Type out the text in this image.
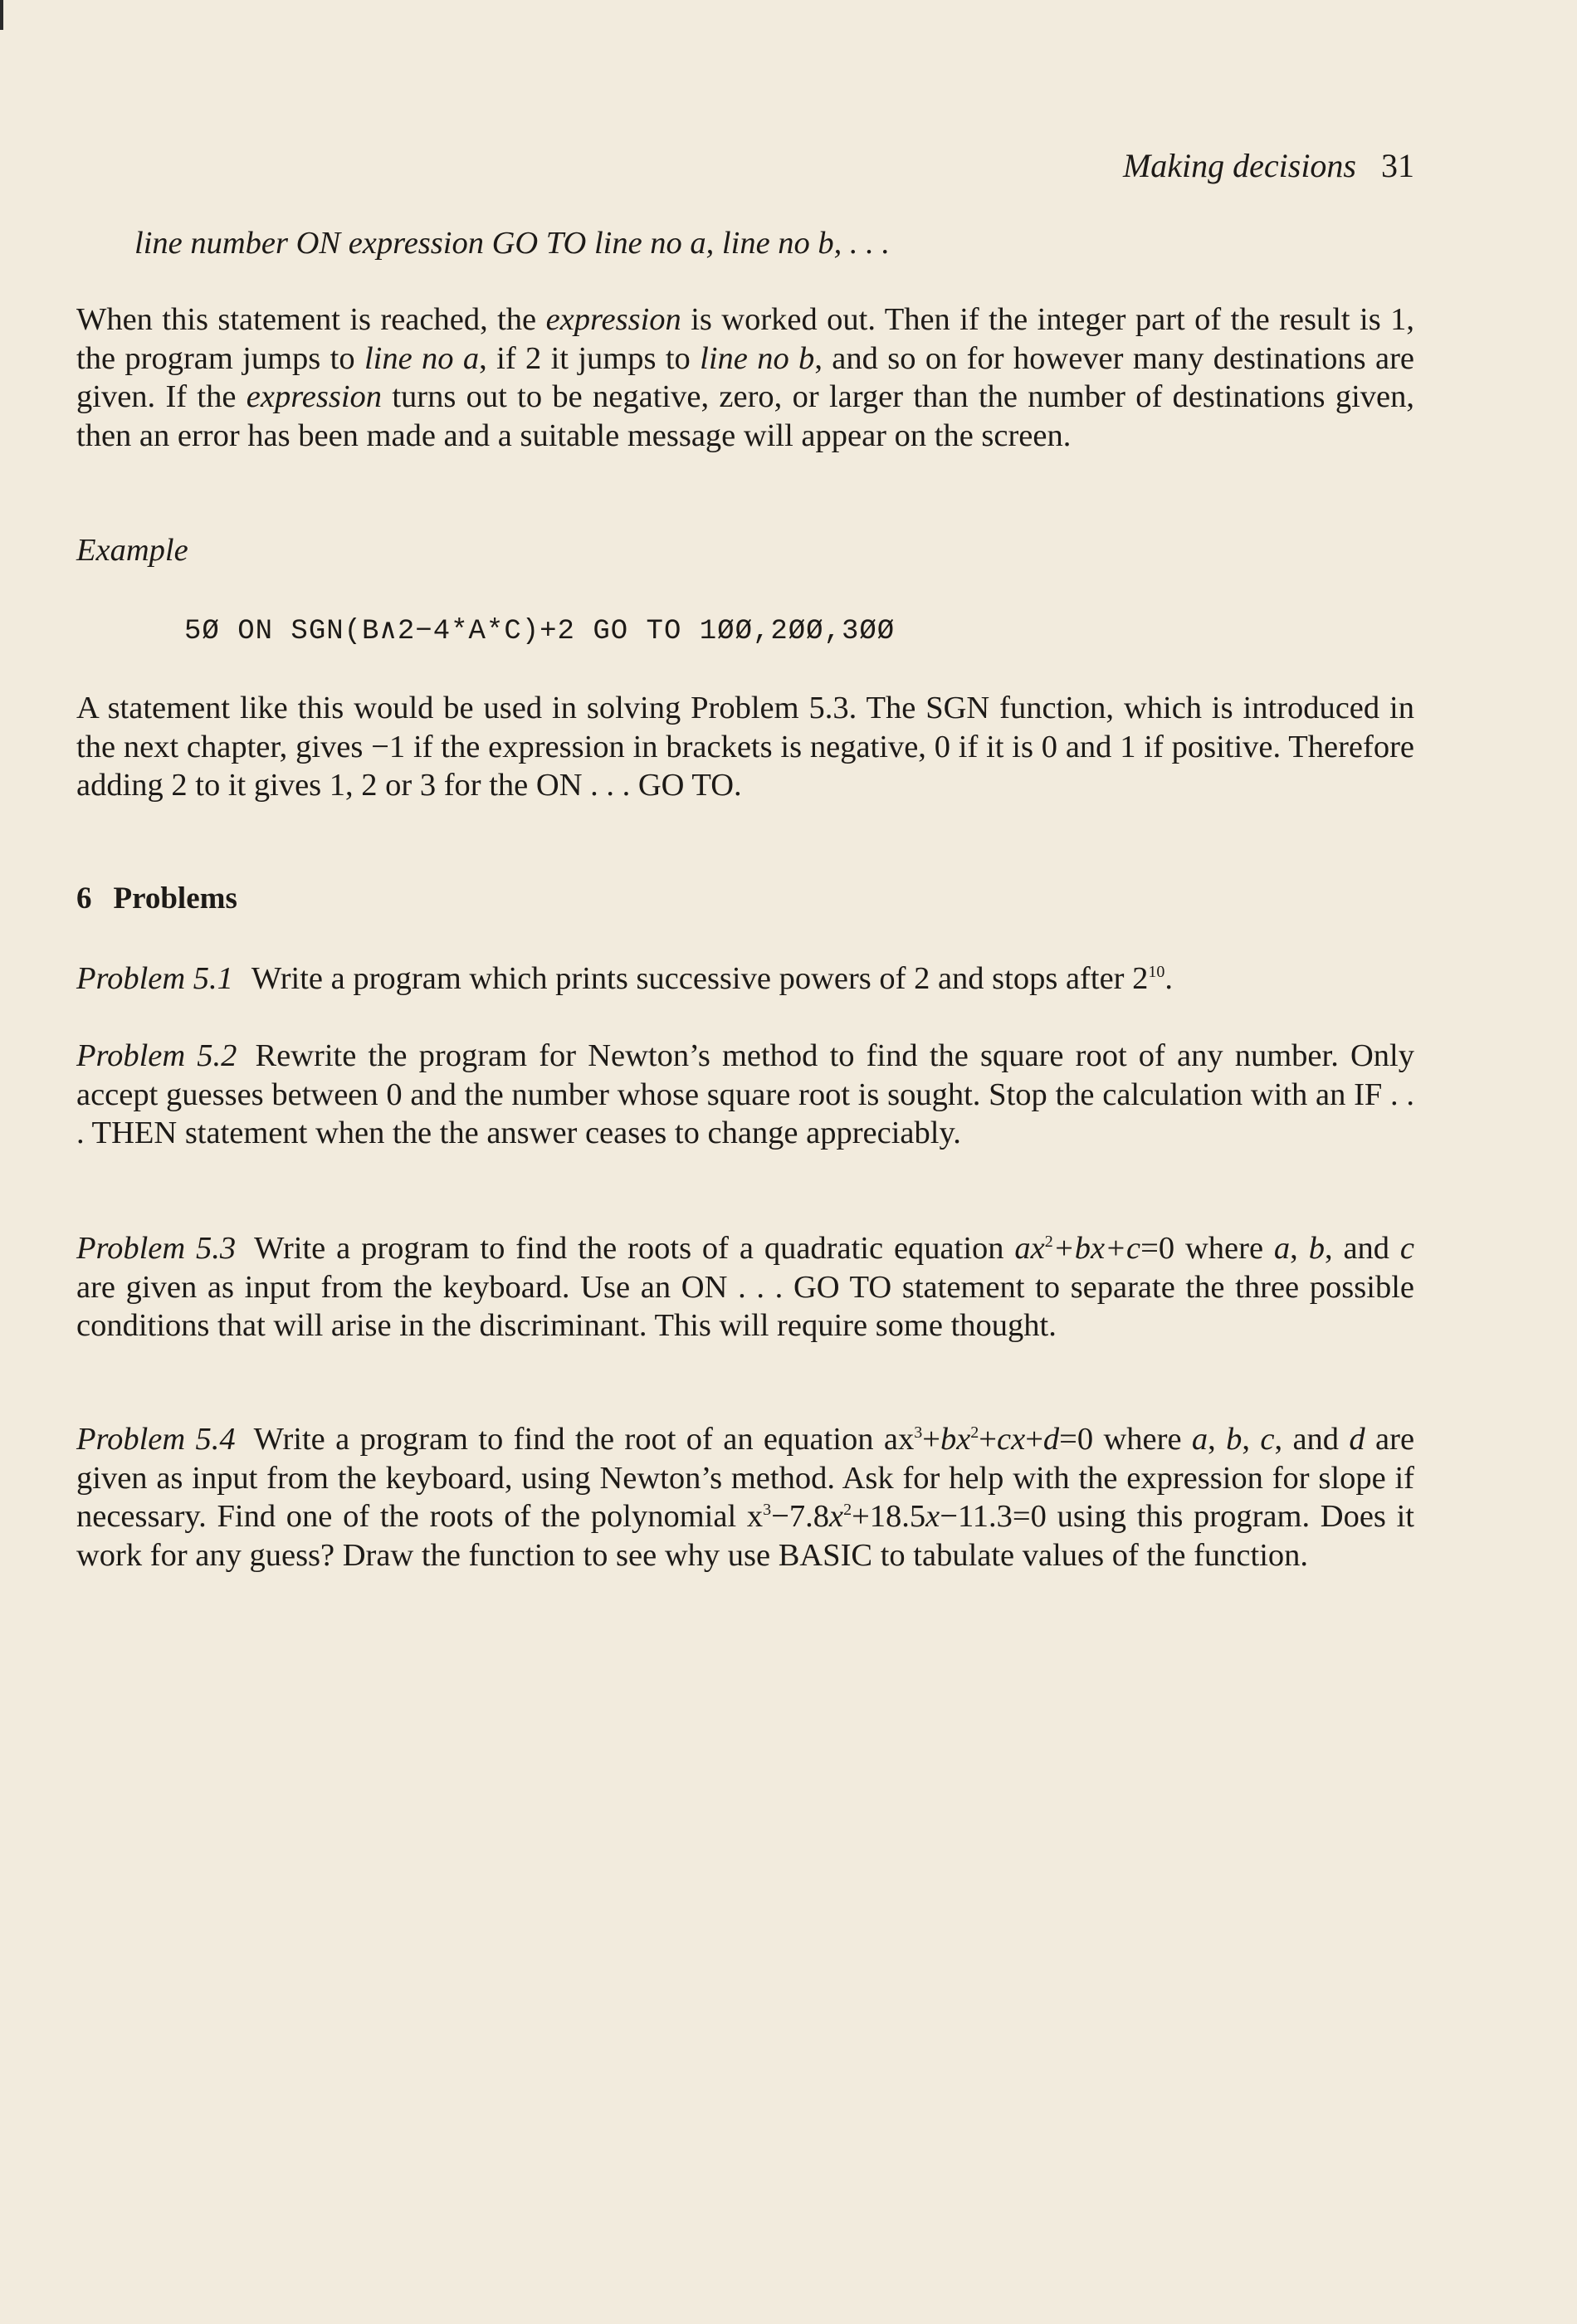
Making decisions 31
line number ON expression GO TO line no a, line no b, . . .
When this statement is reached, the expression is worked out. Then if the integer part of the result is 1, the program jumps to line no a, if 2 it jumps to line no b, and so on for however many destinations are given. If the expression turns out to be negative, zero, or larger than the number of destinations given, then an error has been made and a suitable message will appear on the screen.
Example
5Ø ON SGN(B∧2−4*A*C)+2 GO TO 1ØØ,2ØØ,3ØØ
A statement like this would be used in solving Problem 5.3. The SGN function, which is introduced in the next chapter, gives −1 if the expression in brackets is negative, 0 if it is 0 and 1 if positive. Therefore adding 2 to it gives 1, 2 or 3 for the ON . . . GO TO.
6 Problems
Problem 5.1 Write a program which prints successive powers of 2 and stops after $2^{10}$.
Problem 5.2 Rewrite the program for Newton’s method to find the square root of any number. Only accept guesses between 0 and the number whose square root is sought. Stop the calculation with an IF . . . THEN statement when the the answer ceases to change appreciably.
Problem 5.3 Write a program to find the roots of a quadratic equation $ax^2+bx+c=0$ where a, b, and c are given as input from the keyboard. Use an ON . . . GO TO statement to separate the three possible conditions that will arise in the discriminant. This will require some thought.
Problem 5.4 Write a program to find the root of an equation $ax^3+bx^2+cx+d=0$ where a, b, c, and d are given as input from the keyboard, using Newton’s method. Ask for help with the expression for slope if necessary. Find one of the roots of the polynomial $x^3-7.8x^2+18.5x-11.3=0$ using this program. Does it work for any guess? Draw the function to see why use BASIC to tabulate values of the function.
